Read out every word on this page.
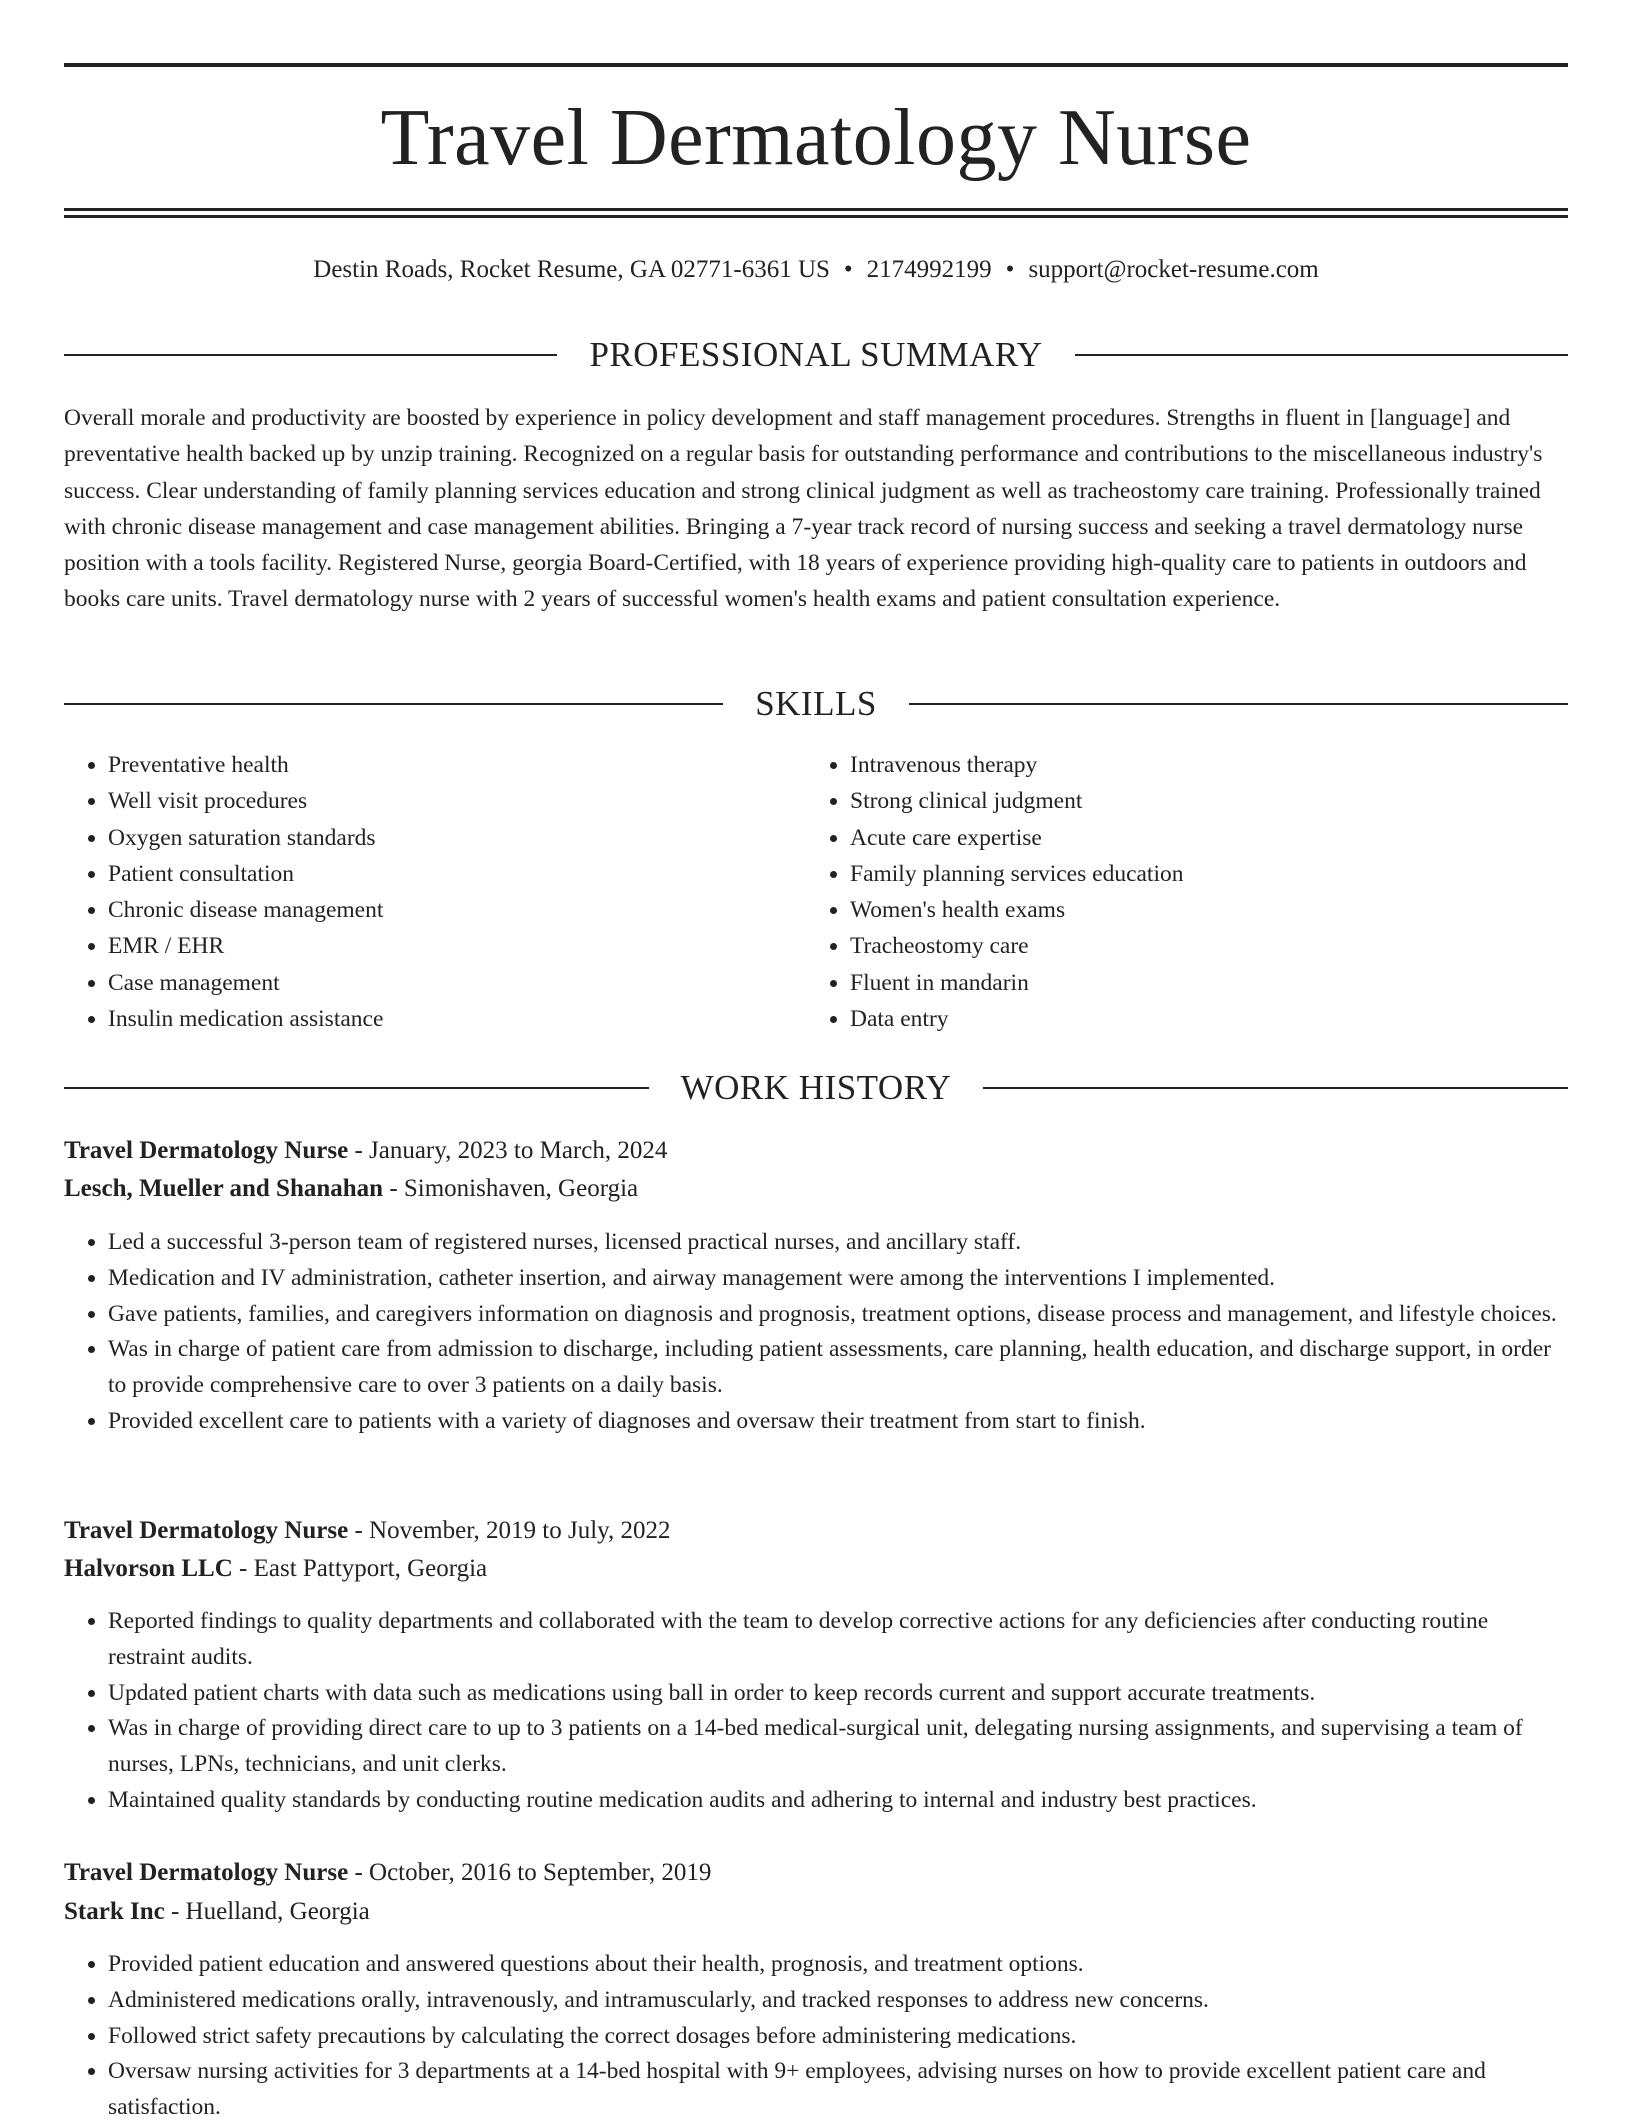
Travel Dermatology Nurse
Destin Roads, Rocket Resume, GA 02771-6361 US • 2174992199 • support@rocket-resume.com
PROFESSIONAL SUMMARY
Overall morale and productivity are boosted by experience in policy development and staff management procedures. Strengths in fluent in [language] and preventative health backed up by unzip training. Recognized on a regular basis for outstanding performance and contributions to the miscellaneous industry's success. Clear understanding of family planning services education and strong clinical judgment as well as tracheostomy care training. Professionally trained with chronic disease management and case management abilities. Bringing a 7-year track record of nursing success and seeking a travel dermatology nurse position with a tools facility. Registered Nurse, georgia Board-Certified, with 18 years of experience providing high-quality care to patients in outdoors and books care units. Travel dermatology nurse with 2 years of successful women's health exams and patient consultation experience.
SKILLS
• Preventative health
• Well visit procedures
• Oxygen saturation standards
• Patient consultation
• Chronic disease management
• EMR / EHR
• Case management
• Insulin medication assistance
• Intravenous therapy
• Strong clinical judgment
• Acute care expertise
• Family planning services education
• Women's health exams
• Tracheostomy care
• Fluent in mandarin
• Data entry
WORK HISTORY
Travel Dermatology Nurse - January, 2023 to March, 2024
Lesch, Mueller and Shanahan - Simonishaven, Georgia
• Led a successful 3-person team of registered nurses, licensed practical nurses, and ancillary staff.
• Medication and IV administration, catheter insertion, and airway management were among the interventions I implemented.
• Gave patients, families, and caregivers information on diagnosis and prognosis, treatment options, disease process and management, and lifestyle choices.
• Was in charge of patient care from admission to discharge, including patient assessments, care planning, health education, and discharge support, in order to provide comprehensive care to over 3 patients on a daily basis.
• Provided excellent care to patients with a variety of diagnoses and oversaw their treatment from start to finish.
Travel Dermatology Nurse - November, 2019 to July, 2022
Halvorson LLC - East Pattyport, Georgia
• Reported findings to quality departments and collaborated with the team to develop corrective actions for any deficiencies after conducting routine restraint audits.
• Updated patient charts with data such as medications using ball in order to keep records current and support accurate treatments.
• Was in charge of providing direct care to up to 3 patients on a 14-bed medical-surgical unit, delegating nursing assignments, and supervising a team of nurses, LPNs, technicians, and unit clerks.
• Maintained quality standards by conducting routine medication audits and adhering to internal and industry best practices.
Travel Dermatology Nurse - October, 2016 to September, 2019
Stark Inc - Huelland, Georgia
• Provided patient education and answered questions about their health, prognosis, and treatment options.
• Administered medications orally, intravenously, and intramuscularly, and tracked responses to address new concerns.
• Followed strict safety precautions by calculating the correct dosages before administering medications.
• Oversaw nursing activities for 3 departments at a 14-bed hospital with 9+ employees, advising nurses on how to provide excellent patient care and satisfaction.
